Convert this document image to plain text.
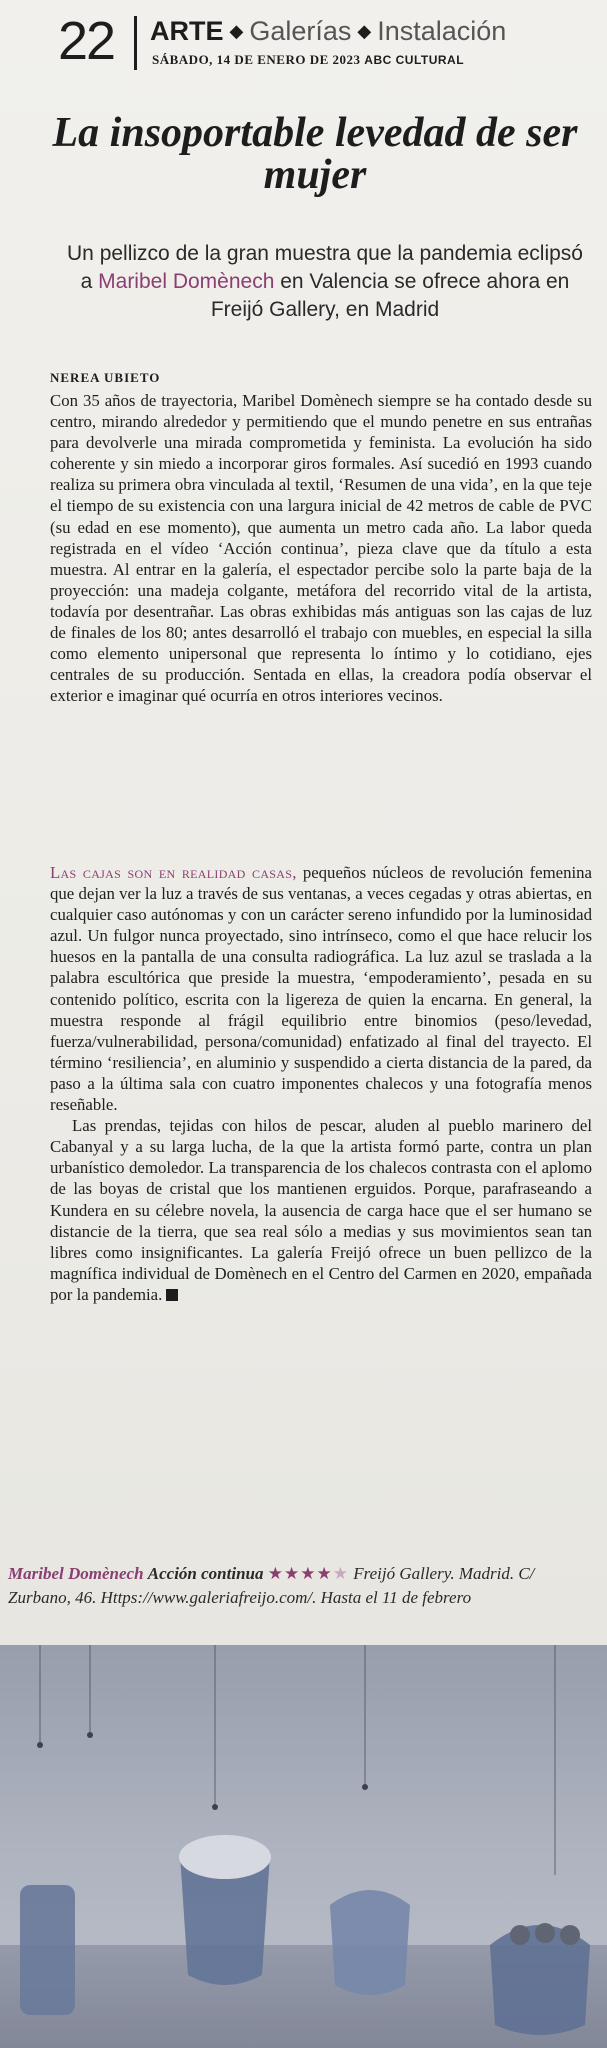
22 ARTE ◆ Galerías ◆ Instalación
SÁBADO, 14 DE ENERO DE 2023 ABC CULTURAL
La insoportable levedad de ser mujer

Un pellizco de la gran muestra que la pandemia eclipsó a Maribel Domènech en Valencia se ofrece ahora en Freijó Gallery, en Madrid

NEREA UBIETO

Con 35 años de trayectoria, Maribel Domènech siempre se ha contado desde su centro, mirando alrededor y permitiendo que el mundo penetre en sus entrañas para devolverle una mirada comprometida y feminista. La evolución ha sido coherente y sin miedo a incorporar giros formales. Así sucedió en 1993 cuando realiza su primera obra vinculada al textil, ‘Resumen de una vida’, en la que teje el tiempo de su existencia con una largura inicial de 42 metros de cable de PVC (su edad en ese momento), que aumenta un metro cada año. La labor queda registrada en el vídeo ‘Acción continua’, pieza clave que da título a esta muestra. Al entrar en la galería, el espectador percibe solo la parte baja de la proyección: una madeja colgante, metáfora del recorrido vital de la artista, todavía por desentrañar. Las obras exhibidas más antiguas son las cajas de luz de finales de los 80; antes desarrolló el trabajo con muebles, en especial la silla como elemento unipersonal que representa lo íntimo y lo cotidiano, ejes centrales de su producción. Sentada en ellas, la creadora podía observar el exterior e imaginar qué ocurría en otros interiores vecinos.

Las cajas son en realidad casas, pequeños núcleos de revolución femenina que dejan ver la luz a través de sus ventanas, a veces cegadas y otras abiertas, en cualquier caso autónomas y con un carácter sereno infundido por la luminosidad azul. Un fulgor nunca proyectado, sino intrínseco, como el que hace relucir los huesos en la pantalla de una consulta radiográfica. La luz azul se traslada a la palabra escultórica que preside la muestra, ‘empoderamiento’, pesada en su contenido político, escrita con la ligereza de quien la encarna. En general, la muestra responde al frágil equilibrio entre binomios (peso/levedad, fuerza/vulnerabilidad, persona/comunidad) enfatizado al final del trayecto. El término ‘resiliencia’, en aluminio y suspendido a cierta distancia de la pared, da paso a la última sala con cuatro imponentes chalecos y una fotografía menos reseñable.

Las prendas, tejidas con hilos de pescar, aluden al pueblo marinero del Cabanyal y a su larga lucha, de la que la artista formó parte, contra un plan urbanístico demoledor. La transparencia de los chalecos contrasta con el aplomo de las boyas de cristal que los mantienen erguidos. Porque, parafraseando a Kundera en su célebre novela, la ausencia de carga hace que el ser humano se distancie de la tierra, que sea real sólo a medias y sus movimientos sean tan libres como insignificantes. La galería Freijó ofrece un buen pellizco de la magnífica individual de Domènech en el Centro del Carmen en 2020, empañada por la pandemia.

Maribel Domènech Acción continua ★★★★★ Freijó Gallery. Madrid. C/ Zurbano, 46. Https://www.galeriafreijo.com/. Hasta el 11 de febrero
